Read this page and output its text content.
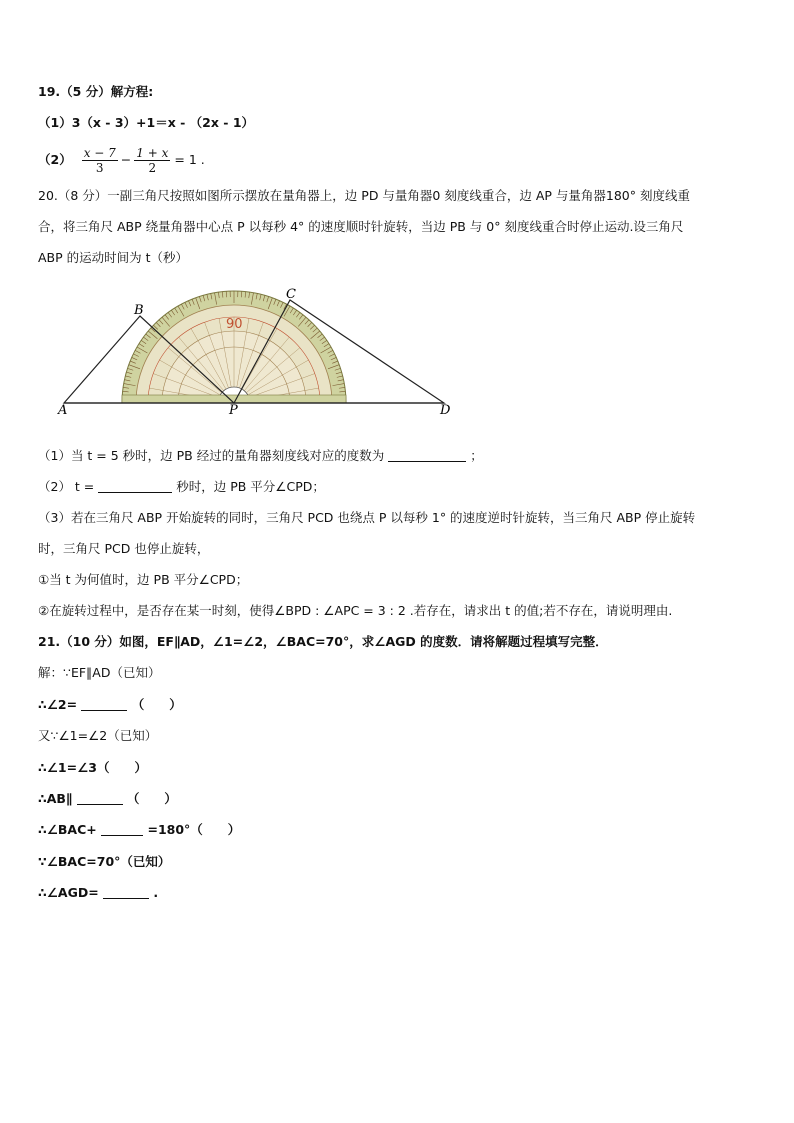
19.（5 分）解方程:
（1）3（x - 3）+1＝x - （2x - 1）
$(2) \frac{x - 7}{3} - \frac{1 + x}{2} = 1$ .
20.（8 分）一副三角尺按照如图所示摆放在量角器上，边 PD 与量角器0 刻度线重合，边 AP 与量角器180° 刻度线重
合，将三角尺 ABP 绕量角器中心点 P 以每秒 4° 的速度顺时针旋转，当边 PB 与 0° 刻度线重合时停止运动.设三角尺
ABP 的运动时间为 t（秒）
90
A
B
C
D
P
（1）当 t = 5 秒时，边 PB 经过的量角器刻度线对应的度数为	；
（2） t =	秒时，边 PB 平分∠CPD；
（3）若在三角尺 ABP 开始旋转的同时，三角尺 PCD 也绕点 P 以每秒 1° 的速度逆时针旋转，当三角尺 ABP 停止旋转
时，三角尺 PCD 也停止旋转，
①当 t 为何值时，边 PB 平分∠CPD；
②在旋转过程中，是否存在某一时刻，使得∠BPD : ∠APC = 3 : 2 .若存在，请求出 t 的值;若不存在，请说明理由.
21.（10 分）如图，EF∥AD，∠1=∠2，∠BAC=70°，求∠AGD 的度数．请将解题过程填写完整．
解：∵EF∥AD（已知）
∴∠2=	（　　）
又∵∠1=∠2（已知）
∴∠1=∠3（　　）
∴AB∥	（　　）
∴∠BAC+	=180°（　　）
∵∠BAC=70°（已知）
∴∠AGD=	.
